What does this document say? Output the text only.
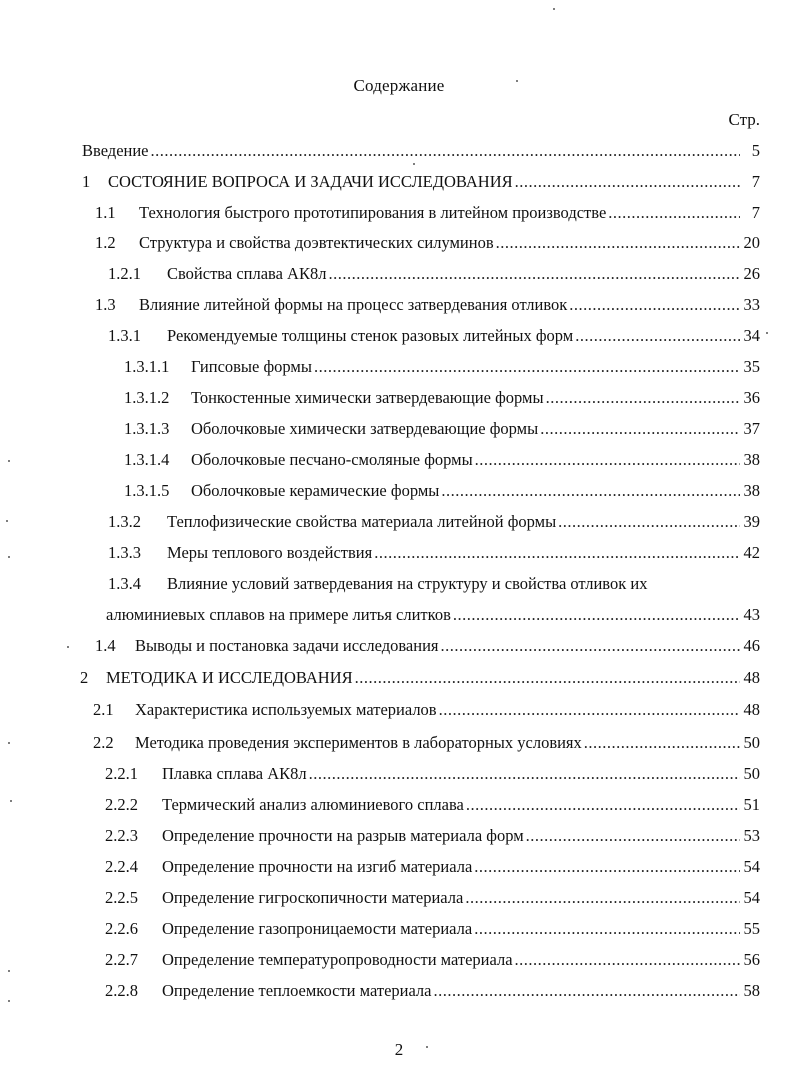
Содержание
Стр.
Введение .....	5
1 СОСТОЯНИЕ ВОПРОСА И ЗАДАЧИ ИССЛЕДОВАНИЯ .....	7
1.1 Технология быстрого прототипирования в литейном производстве .....	7
1.2 Структура и свойства доэвтектических силуминов .....	20
1.2.1 Свойства сплава АК8л .....	26
1.3 Влияние литейной формы на процесс затвердевания отливок .....	33
1.3.1 Рекомендуемые толщины стенок разовых литейных форм .....	34
1.3.1.1 Гипсовые формы .....	35
1.3.1.2 Тонкостенные химически затвердевающие формы .....	36
1.3.1.3 Оболочковые химически затвердевающие формы .....	37
1.3.1.4 Оболочковые песчано-смоляные формы .....	38
1.3.1.5 Оболочковые керамические формы .....	38
1.3.2 Теплофизические свойства материала литейной формы .....	39
1.3.3 Меры теплового воздействия .....	42
1.3.4 Влияние условий затвердевания на структуру и свойства отливок их
алюминиевых сплавов на примере литья слитков .....	43
1.4 Выводы и постановка задачи исследования .....	46
2 МЕТОДИКА И ИССЛЕДОВАНИЯ .....	48
2.1 Характеристика используемых материалов .....	48
2.2 Методика проведения экспериментов в лабораторных условиях .....	50
2.2.1 Плавка сплава АК8л .....	50
2.2.2 Термический анализ алюминиевого сплава .....	51
2.2.3 Определение прочности на разрыв материала форм .....	53
2.2.4 Определение прочности на изгиб материала .....	54
2.2.5 Определение гигроскопичности материала .....	54
2.2.6 Определение газопроницаемости материала .....	55
2.2.7 Определение температуропроводности материала .....	56
2.2.8 Определение теплоемкости материала .....	58
2
